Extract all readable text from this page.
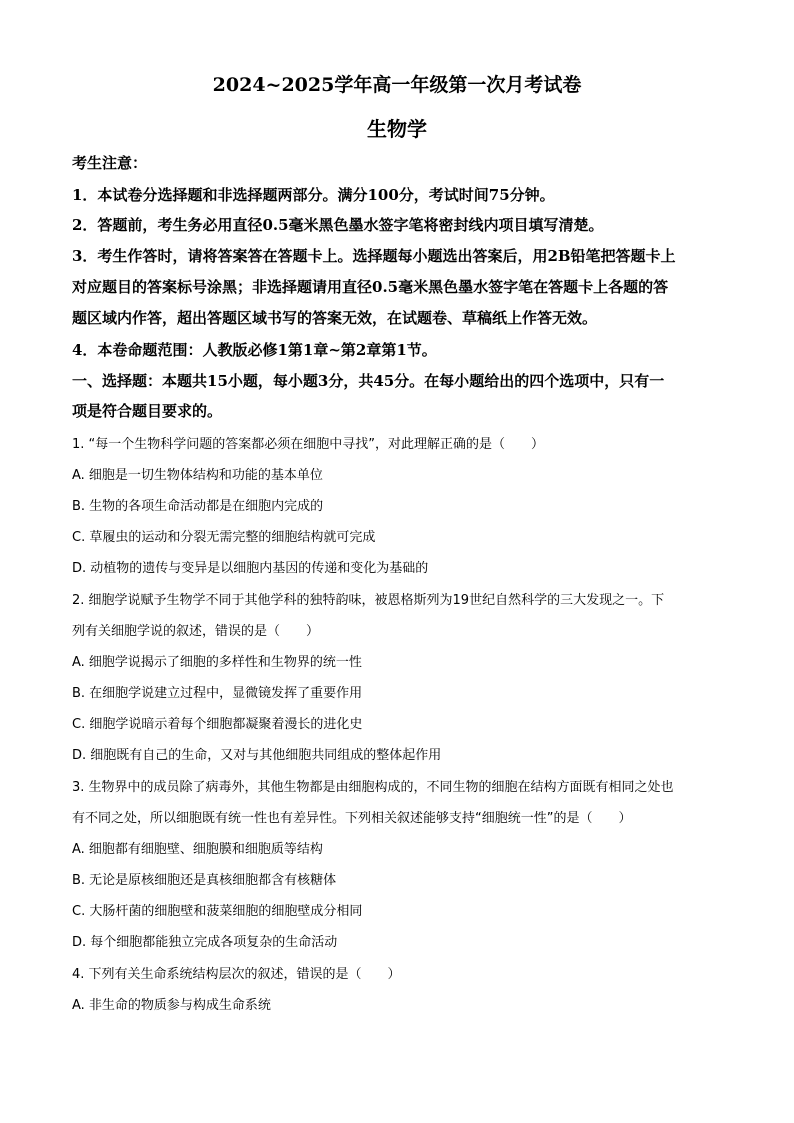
2024~2025学年高一年级第一次月考试卷
生物学
考生注意：
1．本试卷分选择题和非选择题两部分。满分100分，考试时间75分钟。
2．答题前，考生务必用直径0.5毫米黑色墨水签字笔将密封线内项目填写清楚。
3．考生作答时，请将答案答在答题卡上。选择题每小题选出答案后，用2B铅笔把答题卡上
对应题目的答案标号涂黑；非选择题请用直径0.5毫米黑色墨水签字笔在答题卡上各题的答
题区域内作答，超出答题区域书写的答案无效，在试题卷、草稿纸上作答无效。
4．本卷命题范围：人教版必修1第1章~第2章第1节。
一、选择题：本题共15小题，每小题3分，共45分。在每小题给出的四个选项中，只有一
项是符合题目要求的。
1. “每一个生物科学问题的答案都必须在细胞中寻找”，对此理解正确的是（　　）
A. 细胞是一切生物体结构和功能的基本单位
B. 生物的各项生命活动都是在细胞内完成的
C. 草履虫的运动和分裂无需完整的细胞结构就可完成
D. 动植物的遗传与变异是以细胞内基因的传递和变化为基础的
2. 细胞学说赋予生物学不同于其他学科的独特韵味，被恩格斯列为19世纪自然科学的三大发现之一。下
列有关细胞学说的叙述，错误的是（　　）
A. 细胞学说揭示了细胞的多样性和生物界的统一性
B. 在细胞学说建立过程中，显微镜发挥了重要作用
C. 细胞学说暗示着每个细胞都凝聚着漫长的进化史
D. 细胞既有自己的生命，又对与其他细胞共同组成的整体起作用
3. 生物界中的成员除了病毒外，其他生物都是由细胞构成的，不同生物的细胞在结构方面既有相同之处也
有不同之处，所以细胞既有统一性也有差异性。下列相关叙述能够支持“细胞统一性”的是（　　）
A. 细胞都有细胞壁、细胞膜和细胞质等结构
B. 无论是原核细胞还是真核细胞都含有核糖体
C. 大肠杆菌的细胞壁和菠菜细胞的细胞壁成分相同
D. 每个细胞都能独立完成各项复杂的生命活动
4. 下列有关生命系统结构层次的叙述，错误的是（　　）
A. 非生命的物质参与构成生命系统
